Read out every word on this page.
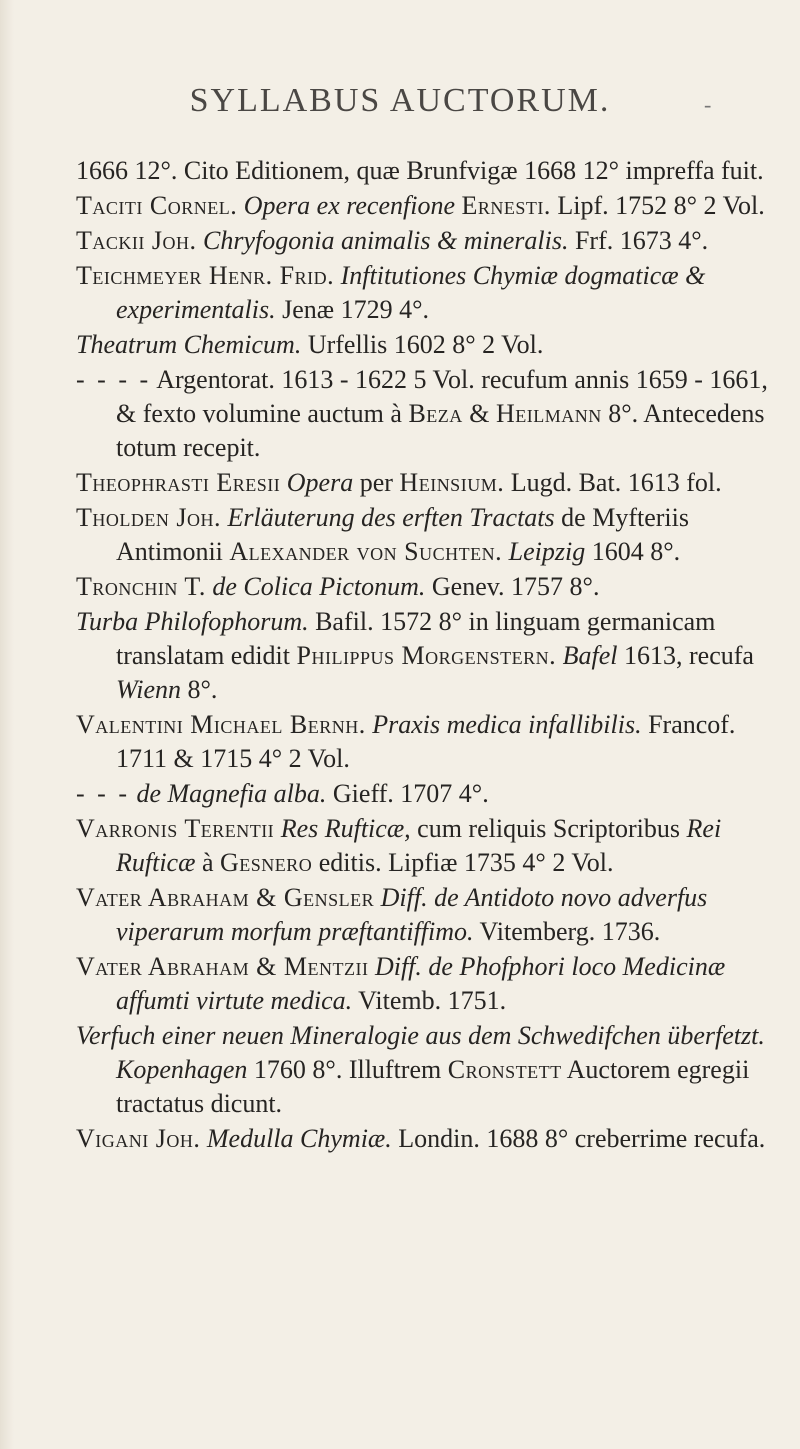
SYLLABUS AUCTORUM.	-
1666 12°. Cito Editionem, quæ Brunfvigæ 1668 12° impreffa fuit.
Taciti Cornel. Opera ex recenfione Ernesti. Lipf. 1752 8° 2 Vol.
Tackii Joh. Chryfogonia animalis & mineralis. Frf. 1673 4°.
Teichmeyer Henr. Frid. Inftitutiones Chymiæ dogmaticæ & experimentalis. Jenæ 1729 4°.
Theatrum Chemicum. Urfellis 1602 8° 2 Vol.
- - - - Argentorat. 1613 - 1622 5 Vol. recufum annis 1659 - 1661, & fexto volumine auctum à Beza & Heilmann 8°. Antecedens totum recepit.
Theophrasti Eresii Opera per Heinsium. Lugd. Bat. 1613 fol.
Tholden Joh. Erläuterung des erften Tractats de Myfteriis Antimonii Alexander von Suchten. Leipzig 1604 8°.
Tronchin T. de Colica Pictonum. Genev. 1757 8°.
Turba Philofophorum. Bafil. 1572 8° in linguam germanicam translatam edidit Philippus Morgenstern. Bafel 1613, recufa Wienn 8°.
Valentini Michael Bernh. Praxis medica infallibilis. Francof. 1711 & 1715 4° 2 Vol.
- - - de Magnefia alba. Gieff. 1707 4°.
Varronis Terentii Res Rufticæ, cum reliquis Scriptoribus Rei Rufticæ à Gesnero editis. Lipfiæ 1735 4° 2 Vol.
Vater Abraham & Gensler Diff. de Antidoto novo adverfus viperarum morfum præftantiffimo. Vitemberg. 1736.
Vater Abraham & Mentzii Diff. de Phofphori loco Medicinæ affumti virtute medica. Vitemb. 1751.
Verfuch einer neuen Mineralogie aus dem Schwedifchen überfetzt. Kopenhagen 1760 8°. Illuftrem Cronstett Auctorem egregii tractatus dicunt.
Vigani Joh. Medulla Chymiæ. Londin. 1688 8° creberrime recufa.
